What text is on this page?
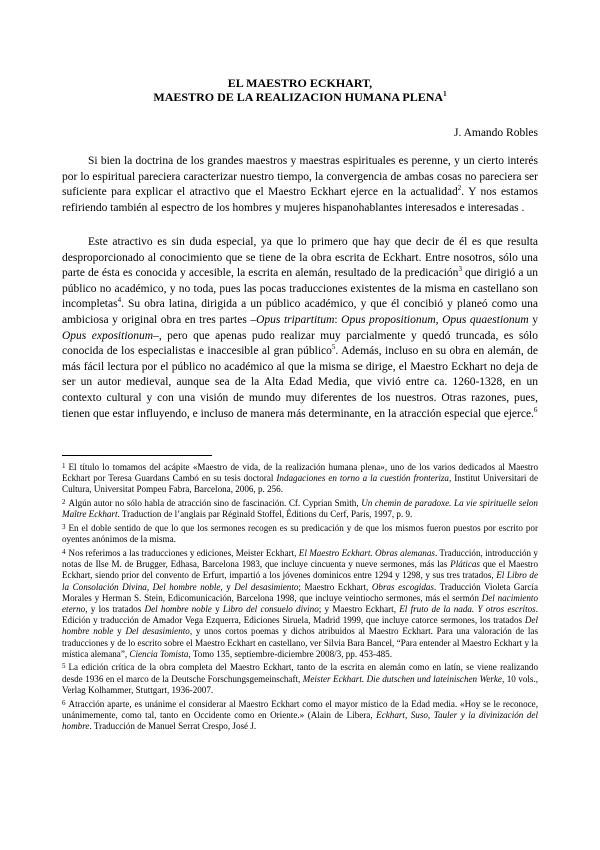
EL MAESTRO ECKHART,
MAESTRO DE LA REALIZACION HUMANA PLENA$^1$
J. Amando Robles

Si bien la doctrina de los grandes maestros y maestras espirituales es perenne, y un cierto interés por lo espiritual pareciera caracterizar nuestro tiempo, la convergencia de ambas cosas no pareciera ser suficiente para explicar el atractivo que el Maestro Eckhart ejerce en la actualidad$^2$. Y nos estamos refiriendo también al espectro de los hombres y mujeres hispanohablantes interesados e interesadas .

Este atractivo es sin duda especial, ya que lo primero que hay que decir de él es que resulta desproporcionado al conocimiento que se tiene de la obra escrita de Eckhart. Entre nosotros, sólo una parte de ésta es conocida y accesible, la escrita en alemán, resultado de la predicación$^3$ que dirigió a un público no académico, y no toda, pues las pocas traducciones existentes de la misma en castellano son incompletas$^4$. Su obra latina, dirigida a un público académico, y que él concibió y planeó como una ambiciosa y original obra en tres partes –Opus tripartitum: Opus propositionum, Opus quaestionum y Opus expositionum–, pero que apenas pudo realizar muy parcialmente y quedó truncada, es sólo conocida de los especialistas e inaccesible al gran público$^5$. Además, incluso en su obra en alemán, de más fácil lectura por el público no académico al que la misma se dirige, el Maestro Eckhart no deja de ser un autor medieval, aunque sea de la Alta Edad Media, que vivió entre ca. 1260-1328, en un contexto cultural y con una visión de mundo muy diferentes de los nuestros. Otras razones, pues, tienen que estar influyendo, e incluso de manera más determinante, en la atracción especial que ejerce.$^6$

$^1$ El título lo tomamos del acápite «Maestro de vida, de la realización humana plena», uno de los varios dedicados al Maestro Eckhart por Teresa Guardans Cambó en su tesis doctoral Indagaciones en torno a la cuestión fronteriza, Institut Universitari de Cultura, Universitat Pompeu Fabra, Barcelona, 2006, p. 256.
$^2$ Algún autor no sólo habla de atracción sino de fascinación. Cf. Cyprian Smith, Un chemin de paradoxe. La vie spirituelle selon Maître Eckhart. Traduction de l’anglais par Réginald Stoffel, Éditions du Cerf, París, 1997, p. 9.
$^3$ En el doble sentido de que lo que los sermones recogen es su predicación y de que los mismos fueron puestos por escrito por oyentes anónimos de la misma.
$^4$ Nos referimos a las traducciones y ediciones, Meister Eckhart, El Maestro Eckhart. Obras alemanas. Traducción, introducción y notas de Ilse M. de Brugger, Edhasa, Barcelona 1983, que incluye cincuenta y nueve sermones, más las Pláticas que el Maestro Eckhart, siendo prior del convento de Erfurt, impartió a los jóvenes dominicos entre 1294 y 1298, y sus tres tratados, El Libro de la Consolación Divina, Del hombre noble, y Del desasimiento; Maestro Eckhart, Obras escogidas. Traducción Violeta García Morales y Herman S. Stein, Edicomunicación, Barcelona 1998, que incluye veintiocho sermones, más el sermón Del nacimiento eterno, y los tratados Del hombre noble y Libro del consuelo divino; y Maestro Eckhart, El fruto de la nada. Y otros escritos. Edición y traducción de Amador Vega Ezquerra, Ediciones Siruela, Madrid 1999, que incluye catorce sermones, los tratados Del hombre noble y Del desasimiento, y unos cortos poemas y dichos atribuidos al Maestro Eckhart. Para una valoración de las traducciones y de lo escrito sobre el Maestro Eckhart en castellano, ver Silvia Bara Bancel, “Para entender al Maestro Eckhart y la mística alemana”, Ciencia Tomista, Tomo 135, septiembre-diciembre 2008/3, pp. 453-485.
$^5$ La edición crítica de la obra completa del Maestro Eckhart, tanto de la escrita en alemán como en latín, se viene realizando desde 1936 en el marco de la Deutsche Forschungsgemeinschaft, Meister Eckhart. Die dutschen und lateinischen Werke, 10 vols., Verlag Kolhammer, Stuttgart, 1936-2007.
$^6$ Atracción aparte, es unánime el considerar al Maestro Eckhart como el mayor místico de la Edad media. «Hoy se le reconoce, unánimemente, como tal, tanto en Occidente como en Oriente.» (Alain de Libera, Eckhart, Suso, Tauler y la divinización del hombre. Traducción de Manuel Serrat Crespo, José J.
